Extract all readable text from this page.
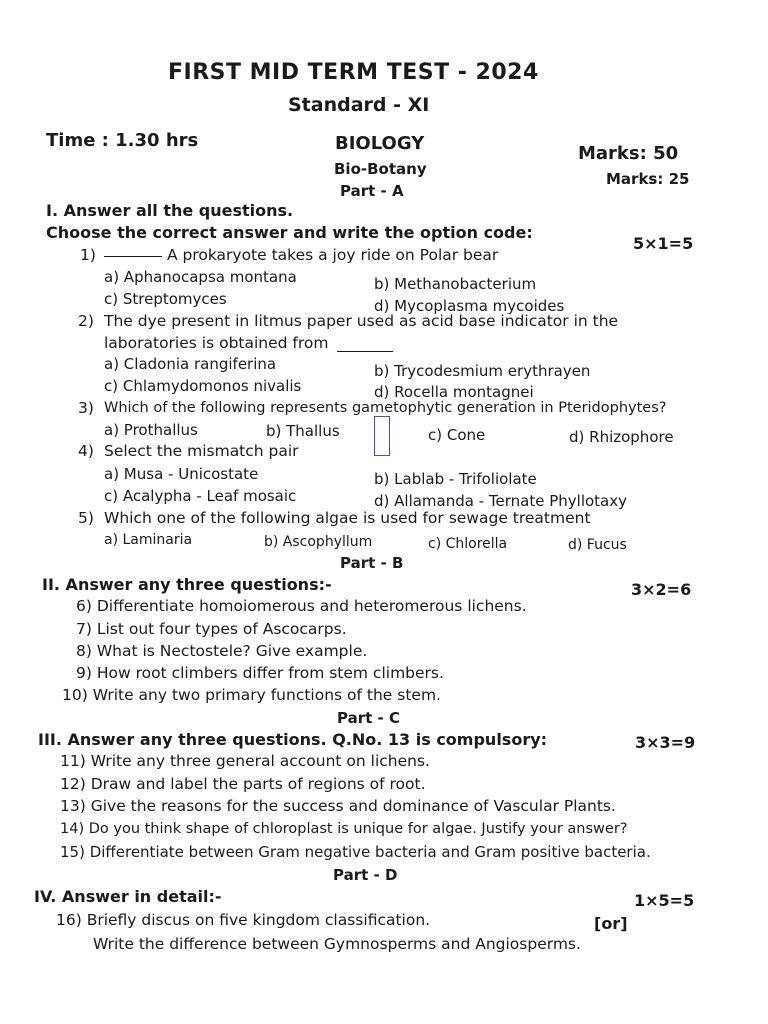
FIRST MID TERM TEST - 2024
Standard - XI
Time : 1.30 hrs	BIOLOGY	Marks: 50
Bio-Botany
Marks: 25
Part - A
I. Answer all the questions.
Choose the correct answer and write the option code:
5×1=5
1)	A prokaryote takes a joy ride on Polar bear
a) Aphanocapsa montana	b) Methanobacterium
c) Streptomyces	d) Mycoplasma mycoides
2) The dye present in litmus paper used as acid base indicator in the
laboratories is obtained from
a) Cladonia rangiferina	b) Trycodesmium erythrayen
c) Chlamydomonos nivalis	d) Rocella montagnei
3) Which of the following represents gametophytic generation in Pteridophytes?
a) Prothallus	b) Thallus	c) Cone	d) Rhizophore
4) Select the mismatch pair
a) Musa - Unicostate	b) Lablab - Trifoliolate
c) Acalypha - Leaf mosaic	d) Allamanda - Ternate Phyllotaxy
5) Which one of the following algae is used for sewage treatment
a) Laminaria	b) Ascophyllum	c) Chlorella	d) Fucus
Part - B
II. Answer any three questions:-	3×2=6
6) Differentiate homoiomerous and heteromerous lichens.
7) List out four types of Ascocarps.
8) What is Nectostele? Give example.
9) How root climbers differ from stem climbers.
10) Write any two primary functions of the stem.
Part - C
III. Answer any three questions. Q.No. 13 is compulsory:	3×3=9
11) Write any three general account on lichens.
12) Draw and label the parts of regions of root.
13) Give the reasons for the success and dominance of Vascular Plants.
14) Do you think shape of chloroplast is unique for algae. Justify your answer?
15) Differentiate between Gram negative bacteria and Gram positive bacteria.
Part - D
IV. Answer in detail:-	1×5=5
16) Briefly discus on five kingdom classification.	[or]
Write the difference between Gymnosperms and Angiosperms.
